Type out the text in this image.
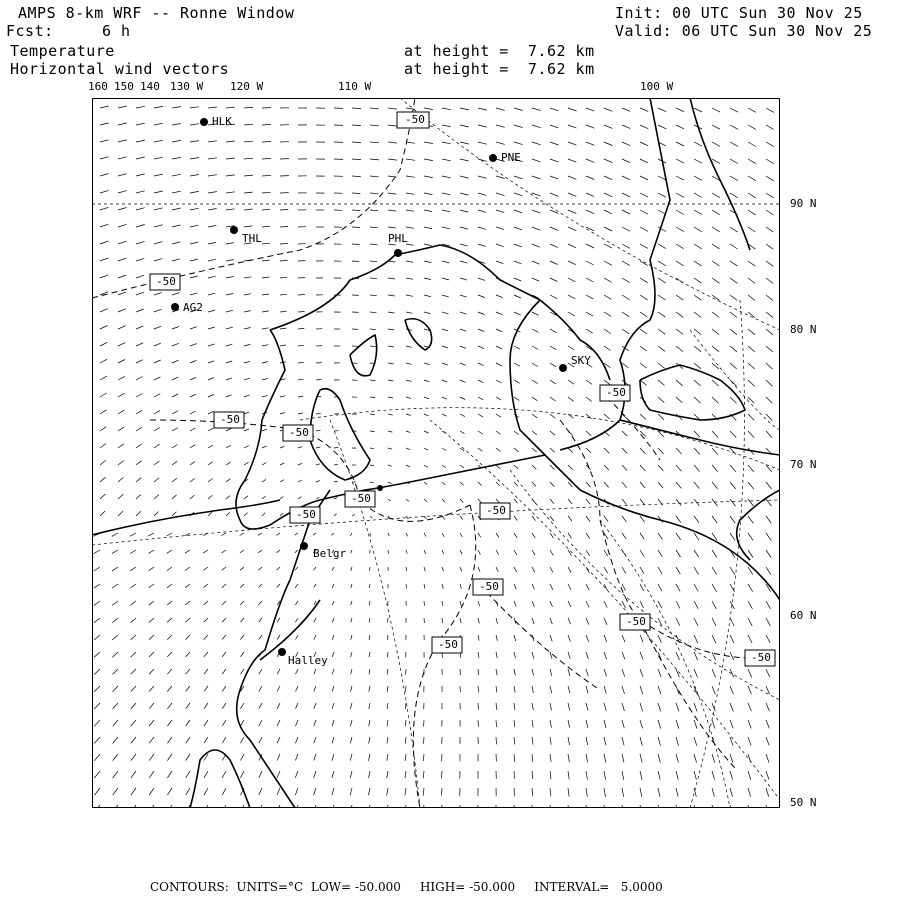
AMPS 8-km WRF -- Ronne Window
Fcst:	6 h
Init: 00 UTC Sun 30 Nov 25
Valid: 06 UTC Sun 30 Nov 25
Temperature	at height =  7.62 km
Horizontal wind vectors	at height =  7.62 km
160 150 140 130 W 120 W	110 W	100 W
90 N
80 N
70 N
60 N
50 N
-50
-50
-50
-50
-50
-50	-50
-50
-50
-50
-50
-50
HLK
PNE
THL	PHL
AG2
SKY
Belgr
Halley
CONTOURS:  UNITS=°C  LOW= -50.000     HIGH= -50.000     INTERVAL=   5.0000
